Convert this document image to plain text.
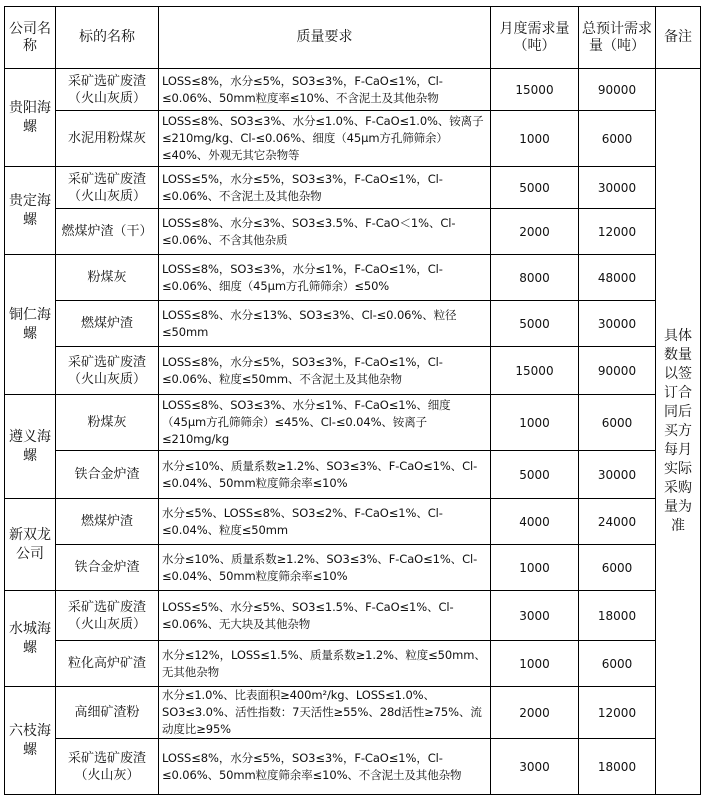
公司名称	标的名称	质量要求	月度需求量（吨）	总预计需求量（吨）	备注
贵阳海螺	采矿选矿废渣（火山灰质）	LOSS≤8%，水分≤5%，SO3≤3%，F-CaO≤1%，Cl-≤0.06%、50mm粒度率≤10%、不含泥土及其他杂物	15000	90000	具体数量以签订合同后买方每月实际采购量为准
	水泥用粉煤灰	LOSS≤8%、SO3≤3%、水分≤1.0%、F-CaO≤1.0%、铵离子≤210mg/kg、Cl-≤0.06%、细度（45μm方孔筛筛余）≤40%、外观无其它杂物等	1000	6000	
贵定海螺	采矿选矿废渣（火山灰质）	LOSS≤5%，水分≤5%，SO3≤3%，F-CaO≤1%，Cl-≤0.06%、不含泥土及其他杂物	5000	30000	
	燃煤炉渣（干）	LOSS≤8%、水分≤3%、SO3≤3.5%、F-CaO＜1%、Cl-≤0.06%、不含其他杂质	2000	12000	
铜仁海螺	粉煤灰	LOSS≤8%，SO3≤3%，水分≤1%，F-CaO≤1%，Cl-≤0.06%、细度（45μm方孔筛筛余）≤50%	8000	48000	
	燃煤炉渣	LOSS≤8%、水分≤13%、SO3≤3%、Cl-≤0.06%、粒径≤50mm	5000	30000	
	采矿选矿废渣（火山灰质）	LOSS≤8%，水分≤5%，SO3≤3%，F-CaO≤1%，Cl-≤0.06%、粒度≤50mm、不含泥土及其他杂物	15000	90000	
遵义海螺	粉煤灰	LOSS≤8%、SO3≤3%、水分≤1%、F-CaO≤1%、细度（45μm方孔筛筛余）≤45%、Cl-≤0.04%、铵离子≤210mg/kg	1000	6000	
	铁合金炉渣	水分≤10%、质量系数≥1.2%、SO3≤3%、F-CaO≤1%、Cl-≤0.04%、50mm粒度筛余率≤10%	5000	30000	
新双龙公司	燃煤炉渣	水分≤5%、LOSS≤8%、SO3≤2%、F-CaO≤1%、Cl-≤0.04%、粒度≤50mm	4000	24000	
	铁合金炉渣	水分≤10%、质量系数≥1.2%、SO3≤3%、F-CaO≤1%、Cl-≤0.04%、50mm粒度筛余率≤10%	1000	6000	
水城海螺	采矿选矿废渣（火山灰质）	LOSS≤5%、水分≤5%、SO3≤1.5%、F-CaO≤1%、Cl-≤0.06%、无大块及其他杂物	3000	18000	
	粒化高炉矿渣	水分≤12%，LOSS≤1.5%、质量系数≥1.2%、粒度≤50mm、无其他杂物	1000	6000	
六枝海螺	高细矿渣粉	水分≤1.0%、比表面积≥400m²/kg、LOSS≤1.0%、SO3≤3.0%、活性指数：7天活性≥55%、28d活性≥75%、流动度比≥95%	2000	12000	
	采矿选矿废渣（火山灰）	LOSS≤8%，水分≤5%，SO3≤3%，F-CaO≤1%，Cl-≤0.06%、50mm粒度筛余率≤10%、不含泥土及其他杂物	3000	18000	
